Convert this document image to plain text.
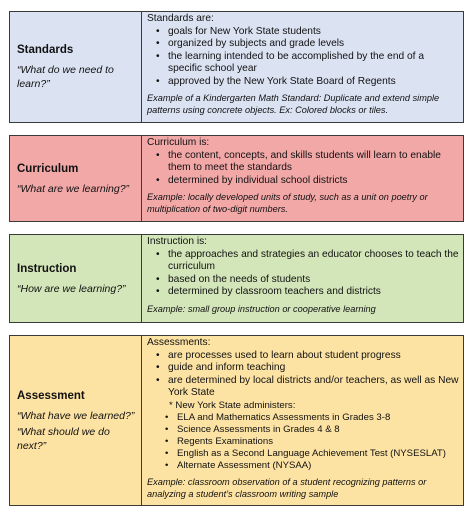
Standards
“What do we need to learn?”
Standards are:
• goals for New York State students
• organized by subjects and grade levels
• the learning intended to be accomplished by the end of a specific school year
• approved by the New York State Board of Regents
Example of a Kindergarten Math Standard: Duplicate and extend simple patterns using concrete objects. Ex: Colored blocks or tiles.
Curriculum
“What are we learning?”
Curriculum is:
• the content, concepts, and skills students will learn to enable them to meet the standards
• determined by individual school districts
Example: locally developed units of study, such as a unit on poetry or multiplication of two-digit numbers.
Instruction
“How are we learning?”
Instruction is:
• the approaches and strategies an educator chooses to teach the curriculum
• based on the needs of students
• determined by classroom teachers and districts
Example: small group instruction or cooperative learning
Assessment
“What have we learned?”
“What should we do next?”
Assessments:
• are processes used to learn about student progress
• guide and inform teaching
• are determined by local districts and/or teachers, as well as New York State
* New York State administers:
• ELA and Mathematics Assessments in Grades 3-8
• Science Assessments in Grades 4 & 8
• Regents Examinations
• English as a Second Language Achievement Test (NYSESLAT)
• Alternate Assessment (NYSAA)
Example: classroom observation of a student recognizing patterns or analyzing a student’s classroom writing sample
